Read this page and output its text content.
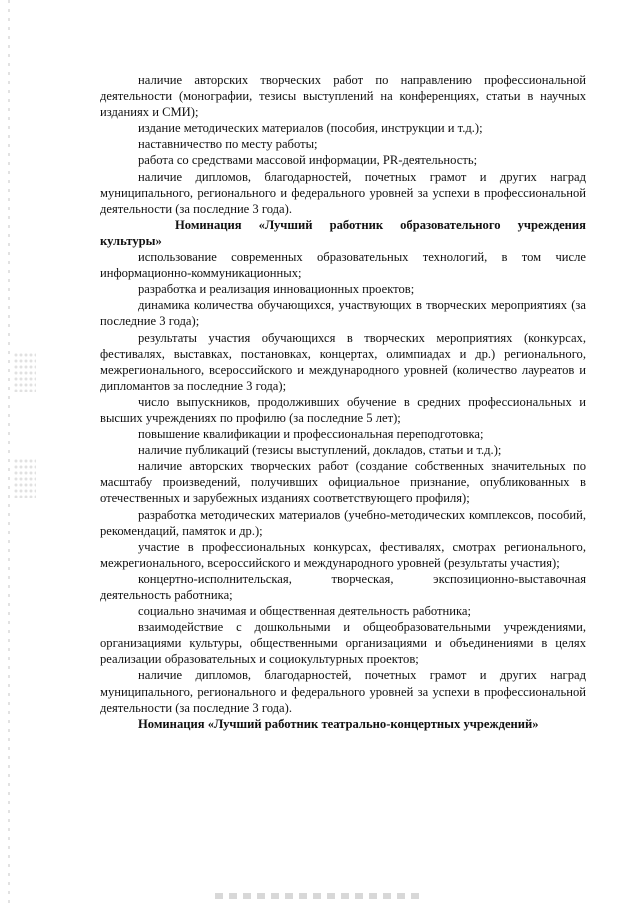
наличие авторских творческих работ по направлению профессиональной деятельности (монографии, тезисы выступлений на конференциях, статьи в научных изданиях и СМИ);

издание методических материалов (пособия, инструкции и т.д.);

наставничество по месту работы;

работа со средствами массовой информации, PR-деятельность;

наличие дипломов, благодарностей, почетных грамот и других наград муниципального, регионального и федерального уровней за успехи в профессиональной деятельности (за последние 3 года).

Номинация «Лучший работник образовательного учреждения культуры»

использование современных образовательных технологий, в том числе информационно-коммуникационных;

разработка и реализация инновационных проектов;

динамика количества обучающихся, участвующих в творческих мероприятиях (за последние 3 года);

результаты участия обучающихся в творческих мероприятиях (конкурсах, фестивалях, выставках, постановках, концертах, олимпиадах и др.) регионального, межрегионального, всероссийского и международного уровней (количество лауреатов и дипломантов за последние 3 года);

число выпускников, продолживших обучение в средних профессиональных и высших учреждениях по профилю (за последние 5 лет);

повышение квалификации и профессиональная переподготовка;

наличие публикаций (тезисы выступлений, докладов, статьи и т.д.);

наличие авторских творческих работ (создание собственных значительных по масштабу произведений, получивших официальное признание, опубликованных в отечественных и зарубежных изданиях соответствующего профиля);

разработка методических материалов (учебно-методических комплексов, пособий, рекомендаций, памяток и др.);

участие в профессиональных конкурсах, фестивалях, смотрах регионального, межрегионального, всероссийского и международного уровней (результаты участия);

концертно-исполнительская, творческая, экспозиционно-выставочная деятельность работника;

социально значимая и общественная деятельность работника;

взаимодействие с дошкольными и общеобразовательными учреждениями, организациями культуры, общественными организациями и объединениями в целях реализации образовательных и социокультурных проектов;

наличие дипломов, благодарностей, почетных грамот и других наград муниципального, регионального и федерального уровней за успехи в профессиональной деятельности (за последние 3 года).

Номинация «Лучший работник театрально-концертных учреждений»
